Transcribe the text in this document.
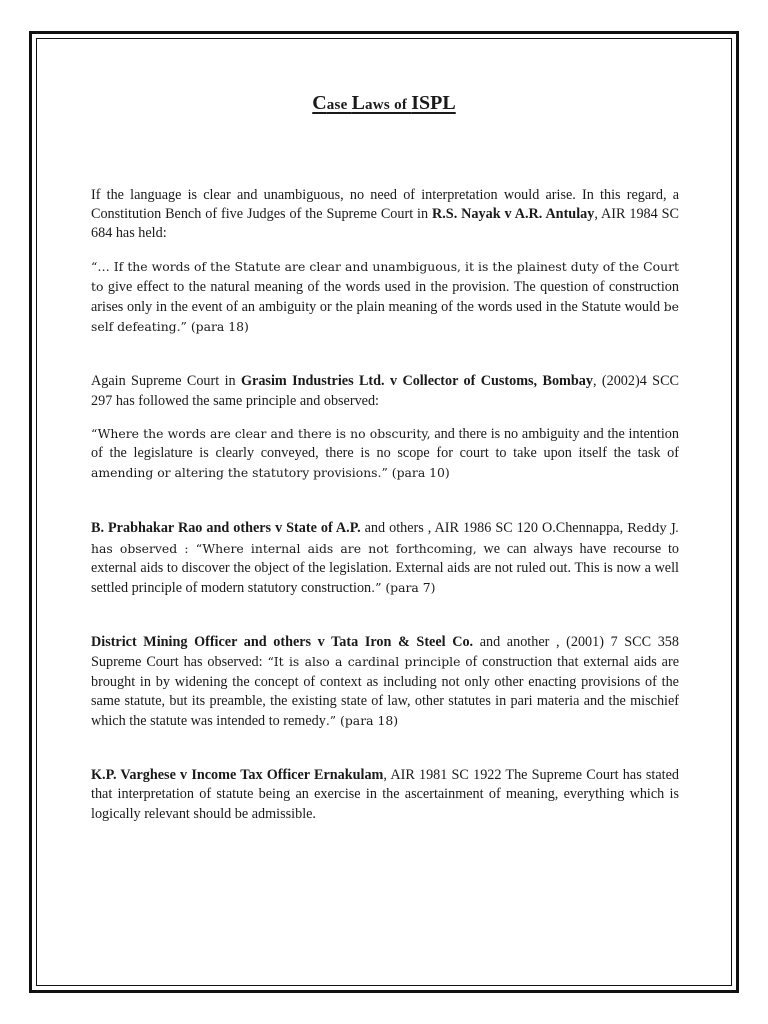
Case Laws of ISPL

If the language is clear and unambiguous, no need of interpretation would arise. In this regard, a Constitution Bench of five Judges of the Supreme Court in R.S. Nayak v A.R. Antulay, AIR 1984 SC 684 has held:

“… If the words of the Statute are clear and unambiguous, it is the plainest duty of the Court to give effect to the natural meaning of the words used in the provision. The question of construction arises only in the event of an ambiguity or the plain meaning of the words used in the Statute would be self defeating.” (para 18)

Again Supreme Court in Grasim Industries Ltd. v Collector of Customs, Bombay, (2002)4 SCC 297 has followed the same principle and observed:

“Where the words are clear and there is no obscurity, and there is no ambiguity and the intention of the legislature is clearly conveyed, there is no scope for court to take upon itself the task of amending or altering the statutory provisions.” (para 10)

B. Prabhakar Rao and others v State of A.P. and others , AIR 1986 SC 120 O.Chennappa, Reddy J. has observed : “Where internal aids are not forthcoming, we can always have recourse to external aids to discover the object of the legislation. External aids are not ruled out. This is now a well settled principle of modern statutory construction.” (para 7)

District Mining Officer and others v Tata Iron & Steel Co. and another , (2001) 7 SCC 358 Supreme Court has observed: “It is also a cardinal principle of construction that external aids are brought in by widening the concept of context as including not only other enacting provisions of the same statute, but its preamble, the existing state of law, other statutes in pari materia and the mischief which the statute was intended to remedy.” (para 18)

K.P. Varghese v Income Tax Officer Ernakulam, AIR 1981 SC 1922 The Supreme Court has stated that interpretation of statute being an exercise in the ascertainment of meaning, everything which is logically relevant should be admissible.
